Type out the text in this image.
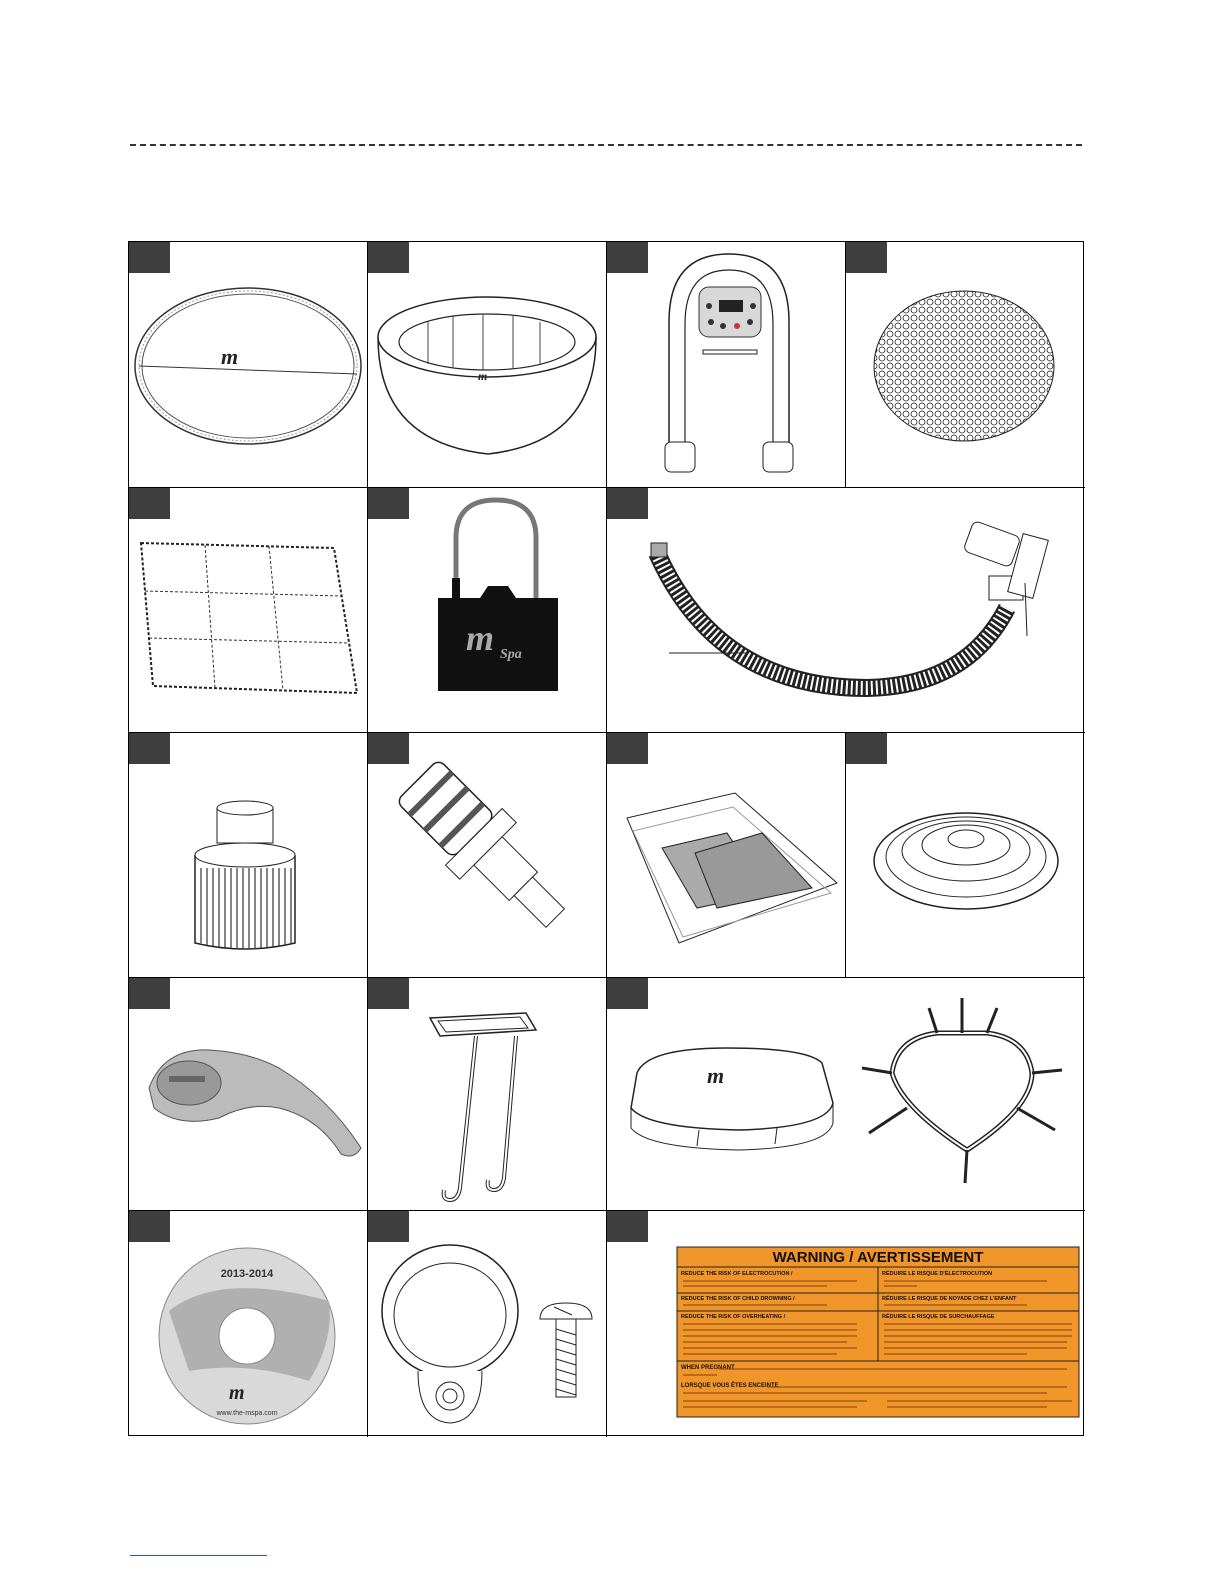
m
m
m Spa
m
2013-2014
m
www.the-mspa.com
WARNING / AVERTISSEMENT
REDUCE THE RISK OF ELECTROCUTION /	RÉDUIRE LE RISQUE D'ÉLECTROCUTION
REDUCE THE RISK OF CHILD DROWNING /	RÉDUIRE LE RISQUE DE NOYADE CHEZ L'ENFANT
REDUCE THE RISK OF OVERHEATING /	RÉDUIRE LE RISQUE DE SURCHAUFFAGE
WHEN PREGNANT
LORSQUE VOUS ÊTES ENCEINTE
